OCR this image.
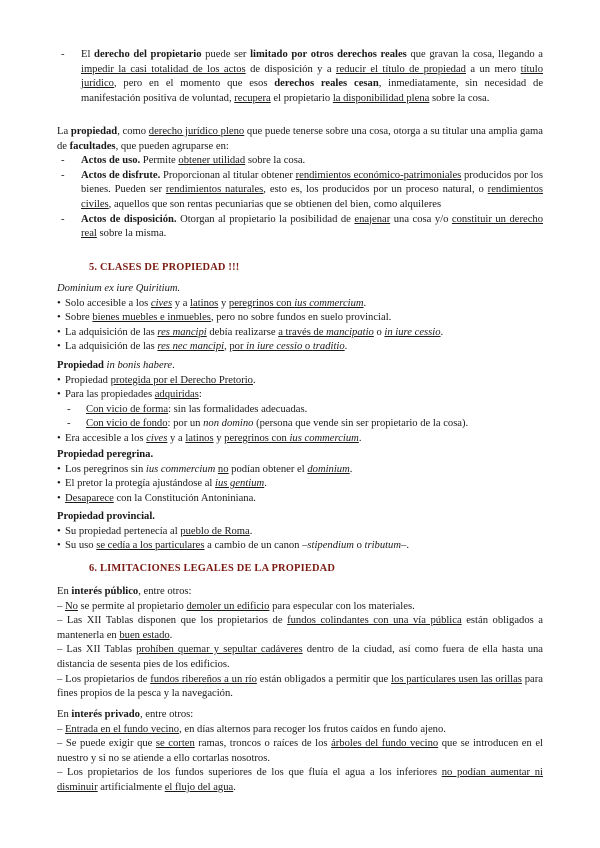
- El derecho del propietario puede ser limitado por otros derechos reales que gravan la cosa, llegando a impedir la casi totalidad de los actos de disposición y a reducir el título de propiedad a un mero título jurídico, pero en el momento que esos derechos reales cesan, inmediatamente, sin necesidad de manifestación positiva de voluntad, recupera el propietario la disponibilidad plena sobre la cosa.

La propiedad, como derecho jurídico pleno que puede tenerse sobre una cosa, otorga a su titular una amplia gama de facultades, que pueden agruparse en:

- Actos de uso. Permite obtener utilidad sobre la cosa.

- Actos de disfrute. Proporcionan al titular obtener rendimientos económico-patrimoniales producidos por los bienes. Pueden ser rendimientos naturales, esto es, los producidos por un proceso natural, o rendimientos civiles, aquellos que son rentas pecuniarias que se obtienen del bien, como alquileres

- Actos de disposición. Otorgan al propietario la posibilidad de enajenar una cosa y/o constituir un derecho real sobre la misma.

5. CLASES DE PROPIEDAD !!!

Dominium ex iure Quiritium.

• Solo accesible a los cives y a latinos y peregrinos con ius commercium.

• Sobre bienes muebles e inmuebles, pero no sobre fundos en suelo provincial.

• La adquisición de las res mancipi debía realizarse a través de mancipatio o in iure cessio.

• La adquisición de las res nec mancipi, por in iure cessio o traditio.

Propiedad in bonis habere.

• Propiedad protegida por el Derecho Pretorio.

• Para las propiedades adquiridas:

- Con vicio de forma: sin las formalidades adecuadas.

- Con vicio de fondo: por un non domino (persona que vende sin ser propietario de la cosa).

• Era accesible a los cives y a latinos y peregrinos con ius commercium.

Propiedad peregrina.

• Los peregrinos sin ius commercium no podían obtener el dominium.

• El pretor la protegía ajustándose al ius gentium.

• Desaparece con la Constitución Antoniniana.

Propiedad provincial.

• Su propiedad pertenecía al pueblo de Roma.

• Su uso se cedía a los particulares a cambio de un canon –stipendium o tributum–.

6. LIMITACIONES LEGALES DE LA PROPIEDAD

En interés público, entre otros:

– No se permite al propietario demoler un edificio para especular con los materiales.

– Las XII Tablas disponen que los propietarios de fundos colindantes con una vía pública están obligados a mantenerla en buen estado.

– Las XII Tablas prohíben quemar y sepultar cadáveres dentro de la ciudad, así como fuera de ella hasta una distancia de sesenta pies de los edificios.

– Los propietarios de fundos ribereños a un río están obligados a permitir que los particulares usen las orillas para fines propios de la pesca y la navegación.

En interés privado, entre otros:

– Entrada en el fundo vecino, en días alternos para recoger los frutos caídos en fundo ajeno.

– Se puede exigir que se corten ramas, troncos o raíces de los árboles del fundo vecino que se introducen en el nuestro y si no se atiende a ello cortarlas nosotros.

– Los propietarios de los fundos superiores de los que fluía el agua a los inferiores no podían aumentar ni disminuir artificialmente el flujo del agua.
